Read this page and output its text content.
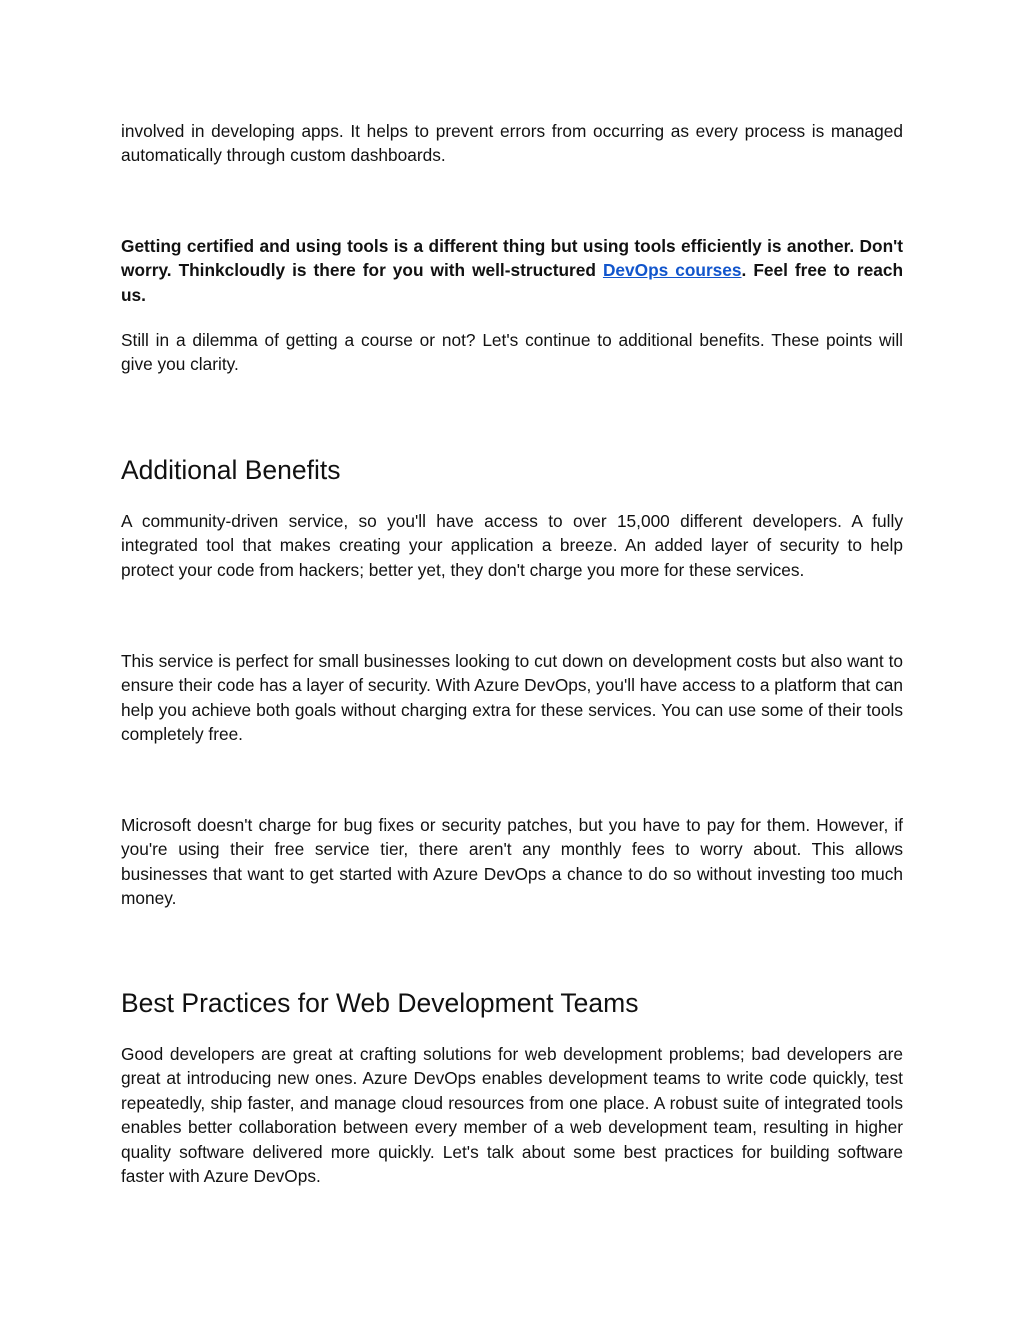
involved in developing apps. It helps to prevent errors from occurring as every process is managed automatically through custom dashboards.

Getting certified and using tools is a different thing but using tools efficiently is another. Don't worry. Thinkcloudly is there for you with well-structured DevOps courses. Feel free to reach us.

Still in a dilemma of getting a course or not? Let's continue to additional benefits. These points will give you clarity.

Additional Benefits

A community-driven service, so you'll have access to over 15,000 different developers. A fully integrated tool that makes creating your application a breeze. An added layer of security to help protect your code from hackers; better yet, they don't charge you more for these services.

This service is perfect for small businesses looking to cut down on development costs but also want to ensure their code has a layer of security. With Azure DevOps, you'll have access to a platform that can help you achieve both goals without charging extra for these services. You can use some of their tools completely free.

Microsoft doesn't charge for bug fixes or security patches, but you have to pay for them. However, if you're using their free service tier, there aren't any monthly fees to worry about. This allows businesses that want to get started with Azure DevOps a chance to do so without investing too much money.

Best Practices for Web Development Teams

Good developers are great at crafting solutions for web development problems; bad developers are great at introducing new ones. Azure DevOps enables development teams to write code quickly, test repeatedly, ship faster, and manage cloud resources from one place. A robust suite of integrated tools enables better collaboration between every member of a web development team, resulting in higher quality software delivered more quickly. Let's talk about some best practices for building software faster with Azure DevOps.
